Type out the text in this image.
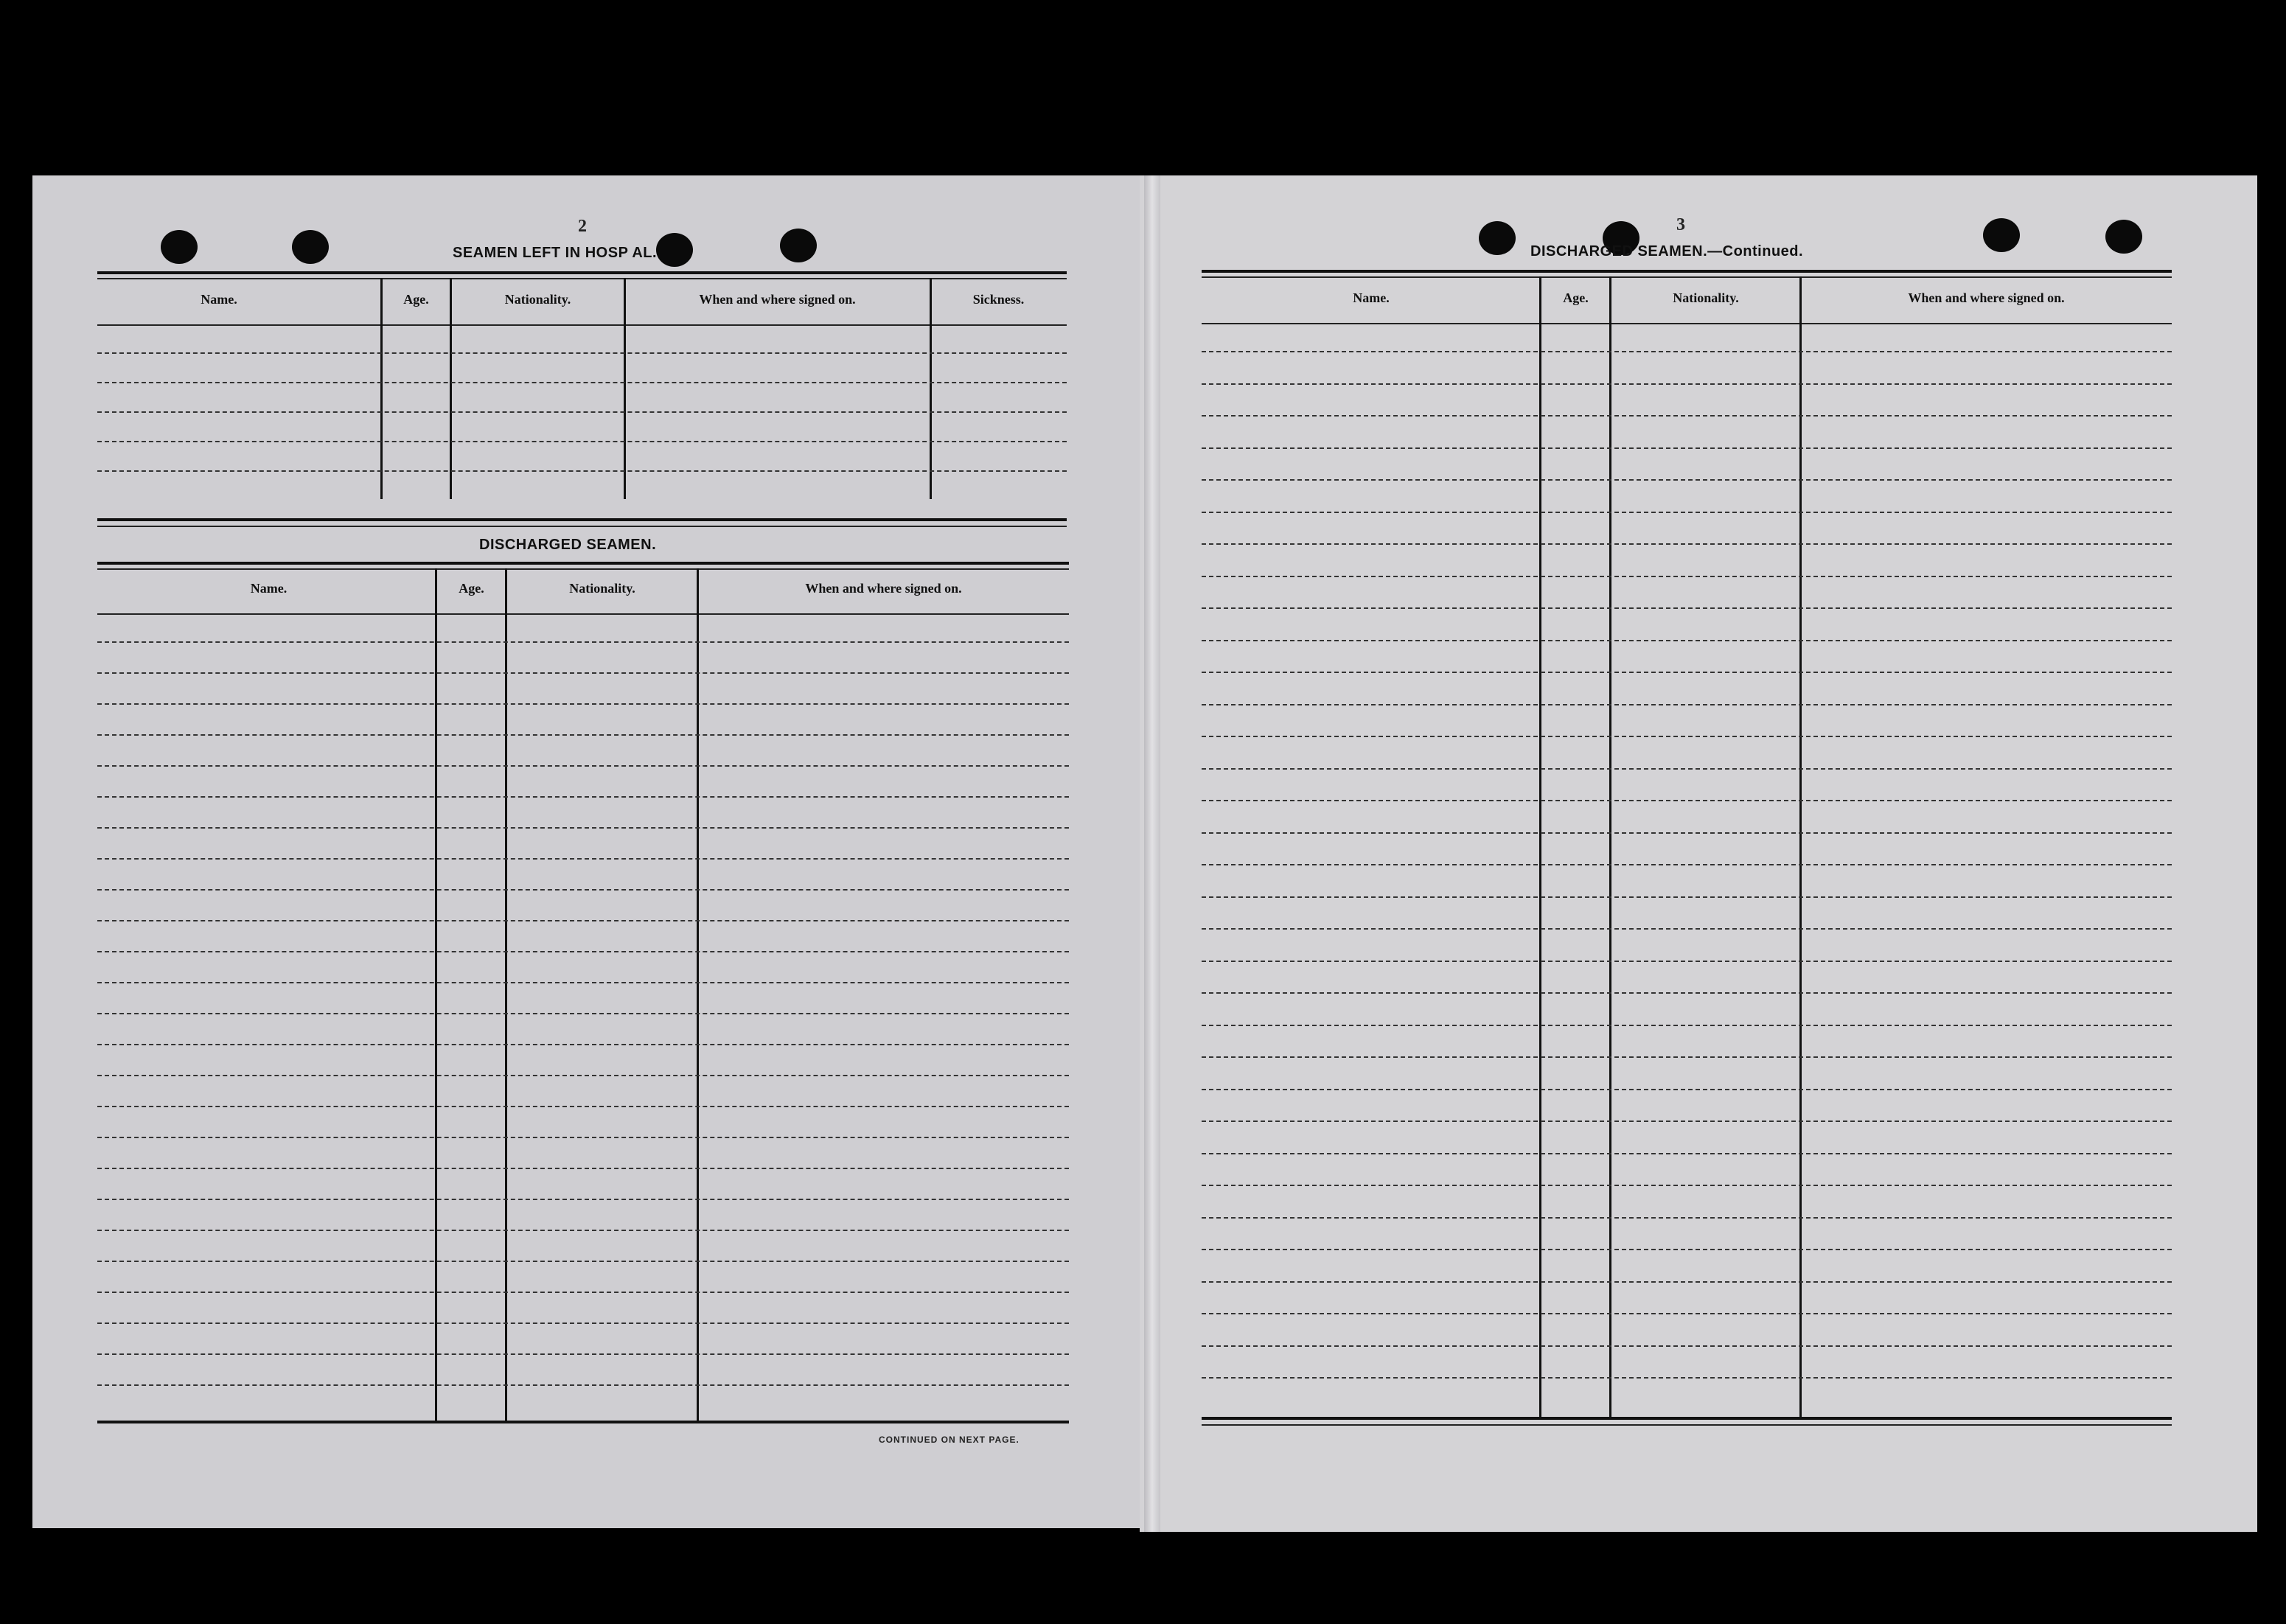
2
SEAMEN LEFT IN HOSP AL.
Name.	Age.	Nationality.	When and where signed on.	Sickness.
DISCHARGED SEAMEN.
Name.	Age.	Nationality.	When and where signed on.
CONTINUED ON NEXT PAGE.
3
DISCHARGED SEAMEN.—Continued.
Name.	Age.	Nationality.	When and where signed on.
